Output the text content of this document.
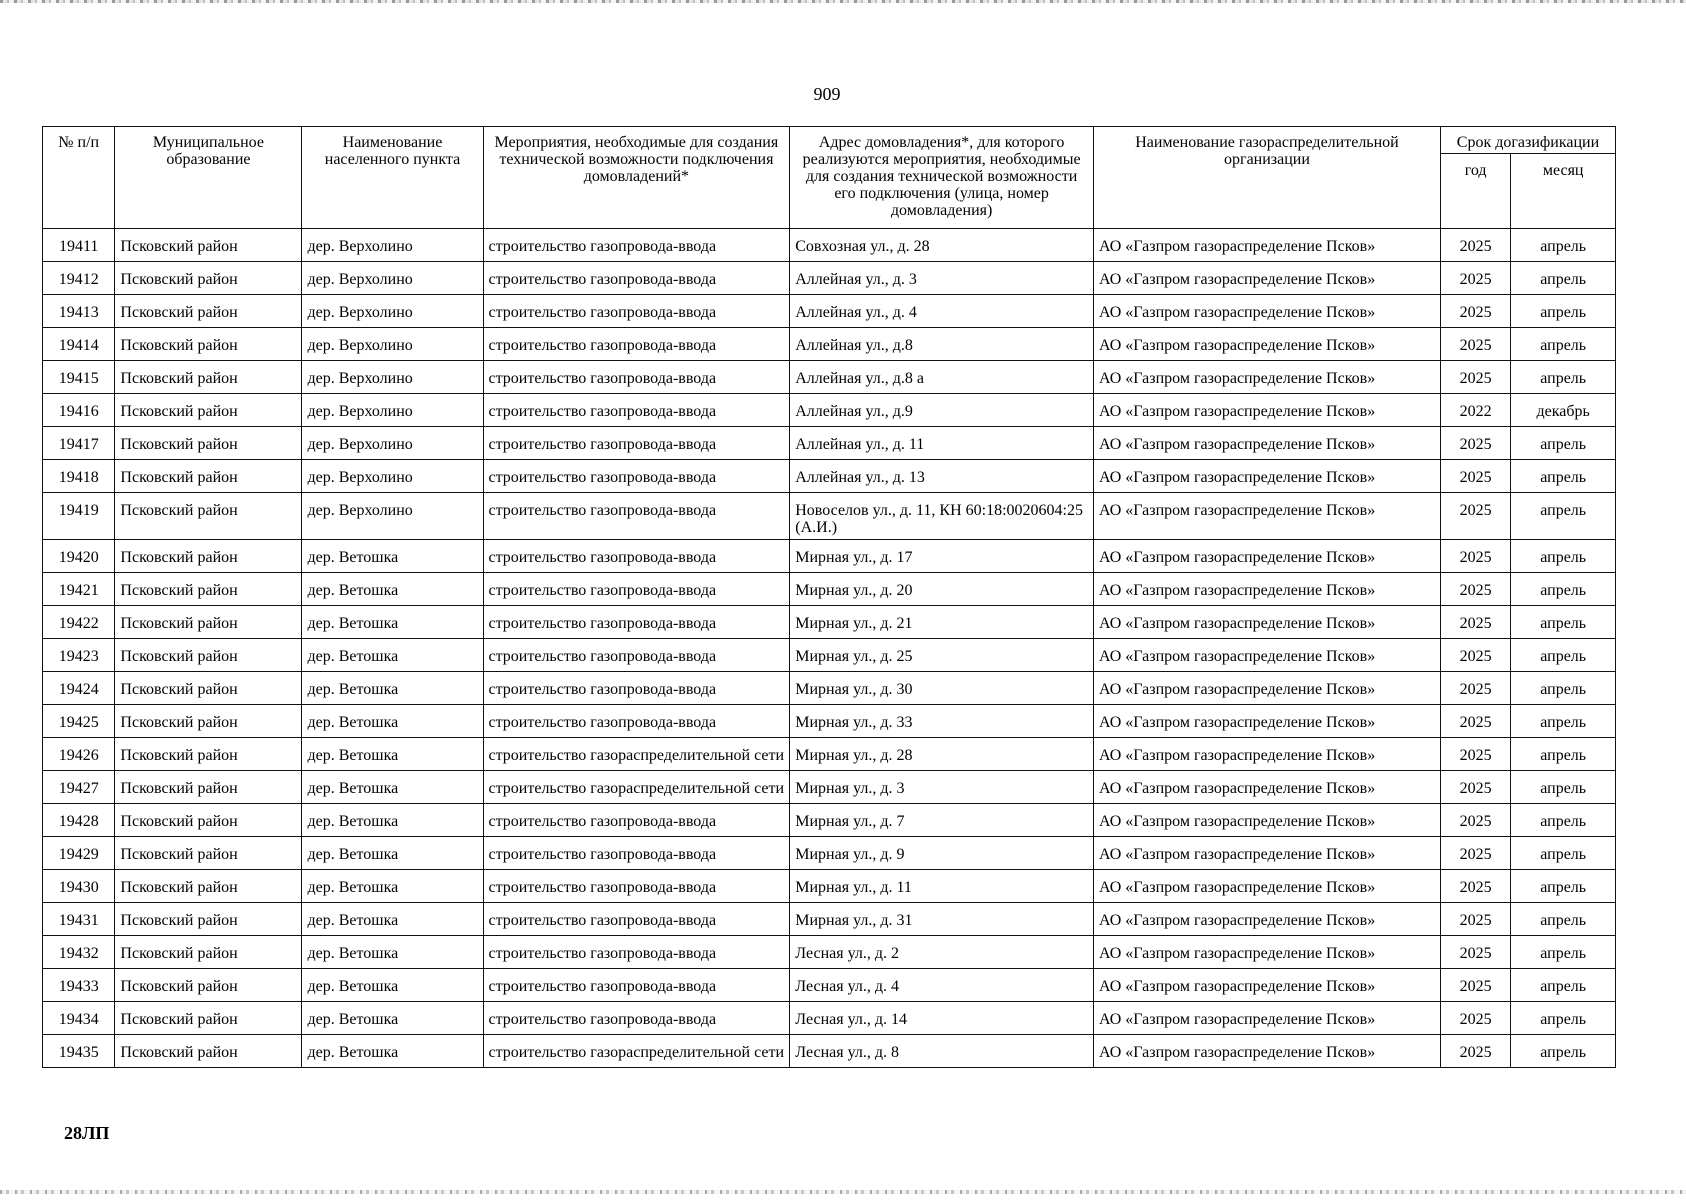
909
№ п/п	Муниципальное образование	Наименование населенного пункта	Мероприятия, необходимые для создания технической возможности подключения домовладений*	Адрес домовладения*, для которого реализуются мероприятия, необходимые для создания технической возможности его подключения (улица, номер домовладения)	Наименование газораспределительной организации	Срок догазификации	
						год	месяц
19411	Псковский район	дер. Верхолино	строительство газопровода-ввода	Совхозная ул., д. 28	АО «Газпром газораспределение Псков»	2025	апрель
19412	Псковский район	дер. Верхолино	строительство газопровода-ввода	Аллейная ул., д. 3	АО «Газпром газораспределение Псков»	2025	апрель
19413	Псковский район	дер. Верхолино	строительство газопровода-ввода	Аллейная ул., д. 4	АО «Газпром газораспределение Псков»	2025	апрель
19414	Псковский район	дер. Верхолино	строительство газопровода-ввода	Аллейная ул., д.8	АО «Газпром газораспределение Псков»	2025	апрель
19415	Псковский район	дер. Верхолино	строительство газопровода-ввода	Аллейная ул., д.8 а	АО «Газпром газораспределение Псков»	2025	апрель
19416	Псковский район	дер. Верхолино	строительство газопровода-ввода	Аллейная ул., д.9	АО «Газпром газораспределение Псков»	2022	декабрь
19417	Псковский район	дер. Верхолино	строительство газопровода-ввода	Аллейная ул., д. 11	АО «Газпром газораспределение Псков»	2025	апрель
19418	Псковский район	дер. Верхолино	строительство газопровода-ввода	Аллейная ул., д. 13	АО «Газпром газораспределение Псков»	2025	апрель
19419	Псковский район	дер. Верхолино	строительство газопровода-ввода	Новоселов ул., д. 11, КН 60:18:0020604:25 (А.И.)	АО «Газпром газораспределение Псков»	2025	апрель
19420	Псковский район	дер. Ветошка	строительство газопровода-ввода	Мирная ул., д. 17	АО «Газпром газораспределение Псков»	2025	апрель
19421	Псковский район	дер. Ветошка	строительство газопровода-ввода	Мирная ул., д. 20	АО «Газпром газораспределение Псков»	2025	апрель
19422	Псковский район	дер. Ветошка	строительство газопровода-ввода	Мирная ул., д. 21	АО «Газпром газораспределение Псков»	2025	апрель
19423	Псковский район	дер. Ветошка	строительство газопровода-ввода	Мирная ул., д. 25	АО «Газпром газораспределение Псков»	2025	апрель
19424	Псковский район	дер. Ветошка	строительство газопровода-ввода	Мирная ул., д. 30	АО «Газпром газораспределение Псков»	2025	апрель
19425	Псковский район	дер. Ветошка	строительство газопровода-ввода	Мирная ул., д. 33	АО «Газпром газораспределение Псков»	2025	апрель
19426	Псковский район	дер. Ветошка	строительство газораспределительной сети	Мирная ул., д. 28	АО «Газпром газораспределение Псков»	2025	апрель
19427	Псковский район	дер. Ветошка	строительство газораспределительной сети	Мирная ул., д. 3	АО «Газпром газораспределение Псков»	2025	апрель
19428	Псковский район	дер. Ветошка	строительство газопровода-ввода	Мирная ул., д. 7	АО «Газпром газораспределение Псков»	2025	апрель
19429	Псковский район	дер. Ветошка	строительство газопровода-ввода	Мирная ул., д. 9	АО «Газпром газораспределение Псков»	2025	апрель
19430	Псковский район	дер. Ветошка	строительство газопровода-ввода	Мирная ул., д. 11	АО «Газпром газораспределение Псков»	2025	апрель
19431	Псковский район	дер. Ветошка	строительство газопровода-ввода	Мирная ул., д. 31	АО «Газпром газораспределение Псков»	2025	апрель
19432	Псковский район	дер. Ветошка	строительство газопровода-ввода	Лесная ул., д. 2	АО «Газпром газораспределение Псков»	2025	апрель
19433	Псковский район	дер. Ветошка	строительство газопровода-ввода	Лесная ул., д. 4	АО «Газпром газораспределение Псков»	2025	апрель
19434	Псковский район	дер. Ветошка	строительство газопровода-ввода	Лесная ул., д. 14	АО «Газпром газораспределение Псков»	2025	апрель
19435	Псковский район	дер. Ветошка	строительство газораспределительной сети	Лесная ул., д. 8	АО «Газпром газораспределение Псков»	2025	апрель
28ЛП
